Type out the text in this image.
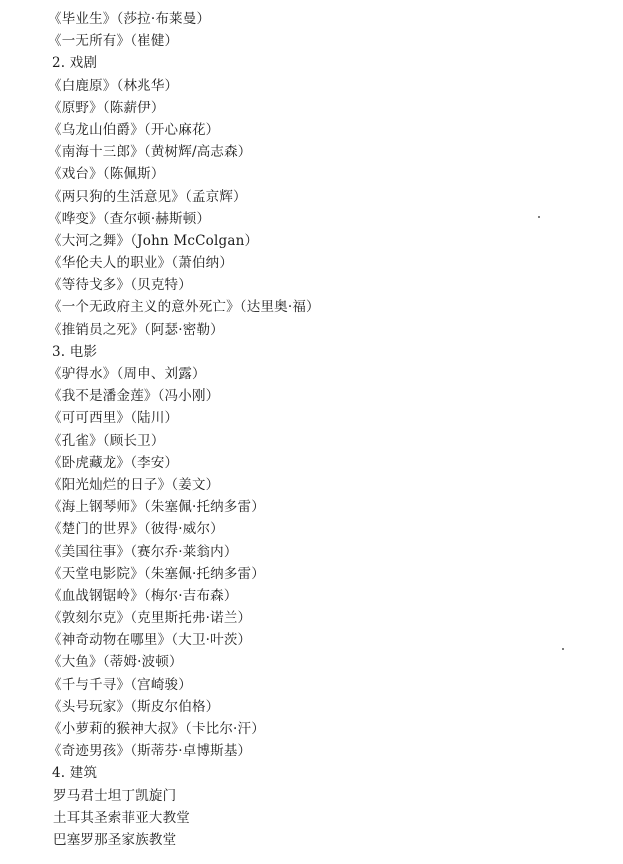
《毕业生》（莎拉·布莱曼）
《一无所有》（崔健）
2. 戏剧
《白鹿原》（林兆华）
《原野》（陈薪伊）
《乌龙山伯爵》（开心麻花）
《南海十三郎》（黄树辉/高志森）
《戏台》（陈佩斯）
《两只狗的生活意见》（孟京辉）
《哗变》（查尔顿·赫斯顿）
《大河之舞》（John McColgan）
《华伦夫人的职业》（萧伯纳）
《等待戈多》（贝克特）
《一个无政府主义的意外死亡》（达里奥·福）
《推销员之死》（阿瑟·密勒）
3. 电影
《驴得水》（周申、刘露）
《我不是潘金莲》（冯小刚）
《可可西里》（陆川）
《孔雀》（顾长卫）
《卧虎藏龙》（李安）
《阳光灿烂的日子》（姜文）
《海上钢琴师》（朱塞佩·托纳多雷）
《楚门的世界》（彼得·威尔）
《美国往事》（赛尔乔·莱翁内）
《天堂电影院》（朱塞佩·托纳多雷）
《血战钢锯岭》（梅尔·吉布森）
《敦刻尔克》（克里斯托弗·诺兰）
《神奇动物在哪里》（大卫·叶茨）
《大鱼》（蒂姆·波顿）
《千与千寻》（宫崎骏）
《头号玩家》（斯皮尔伯格）
《小萝莉的猴神大叔》（卡比尔·汗）
《奇迹男孩》（斯蒂芬·卓博斯基）
4. 建筑
罗马君士坦丁凯旋门
土耳其圣索菲亚大教堂
巴塞罗那圣家族教堂
